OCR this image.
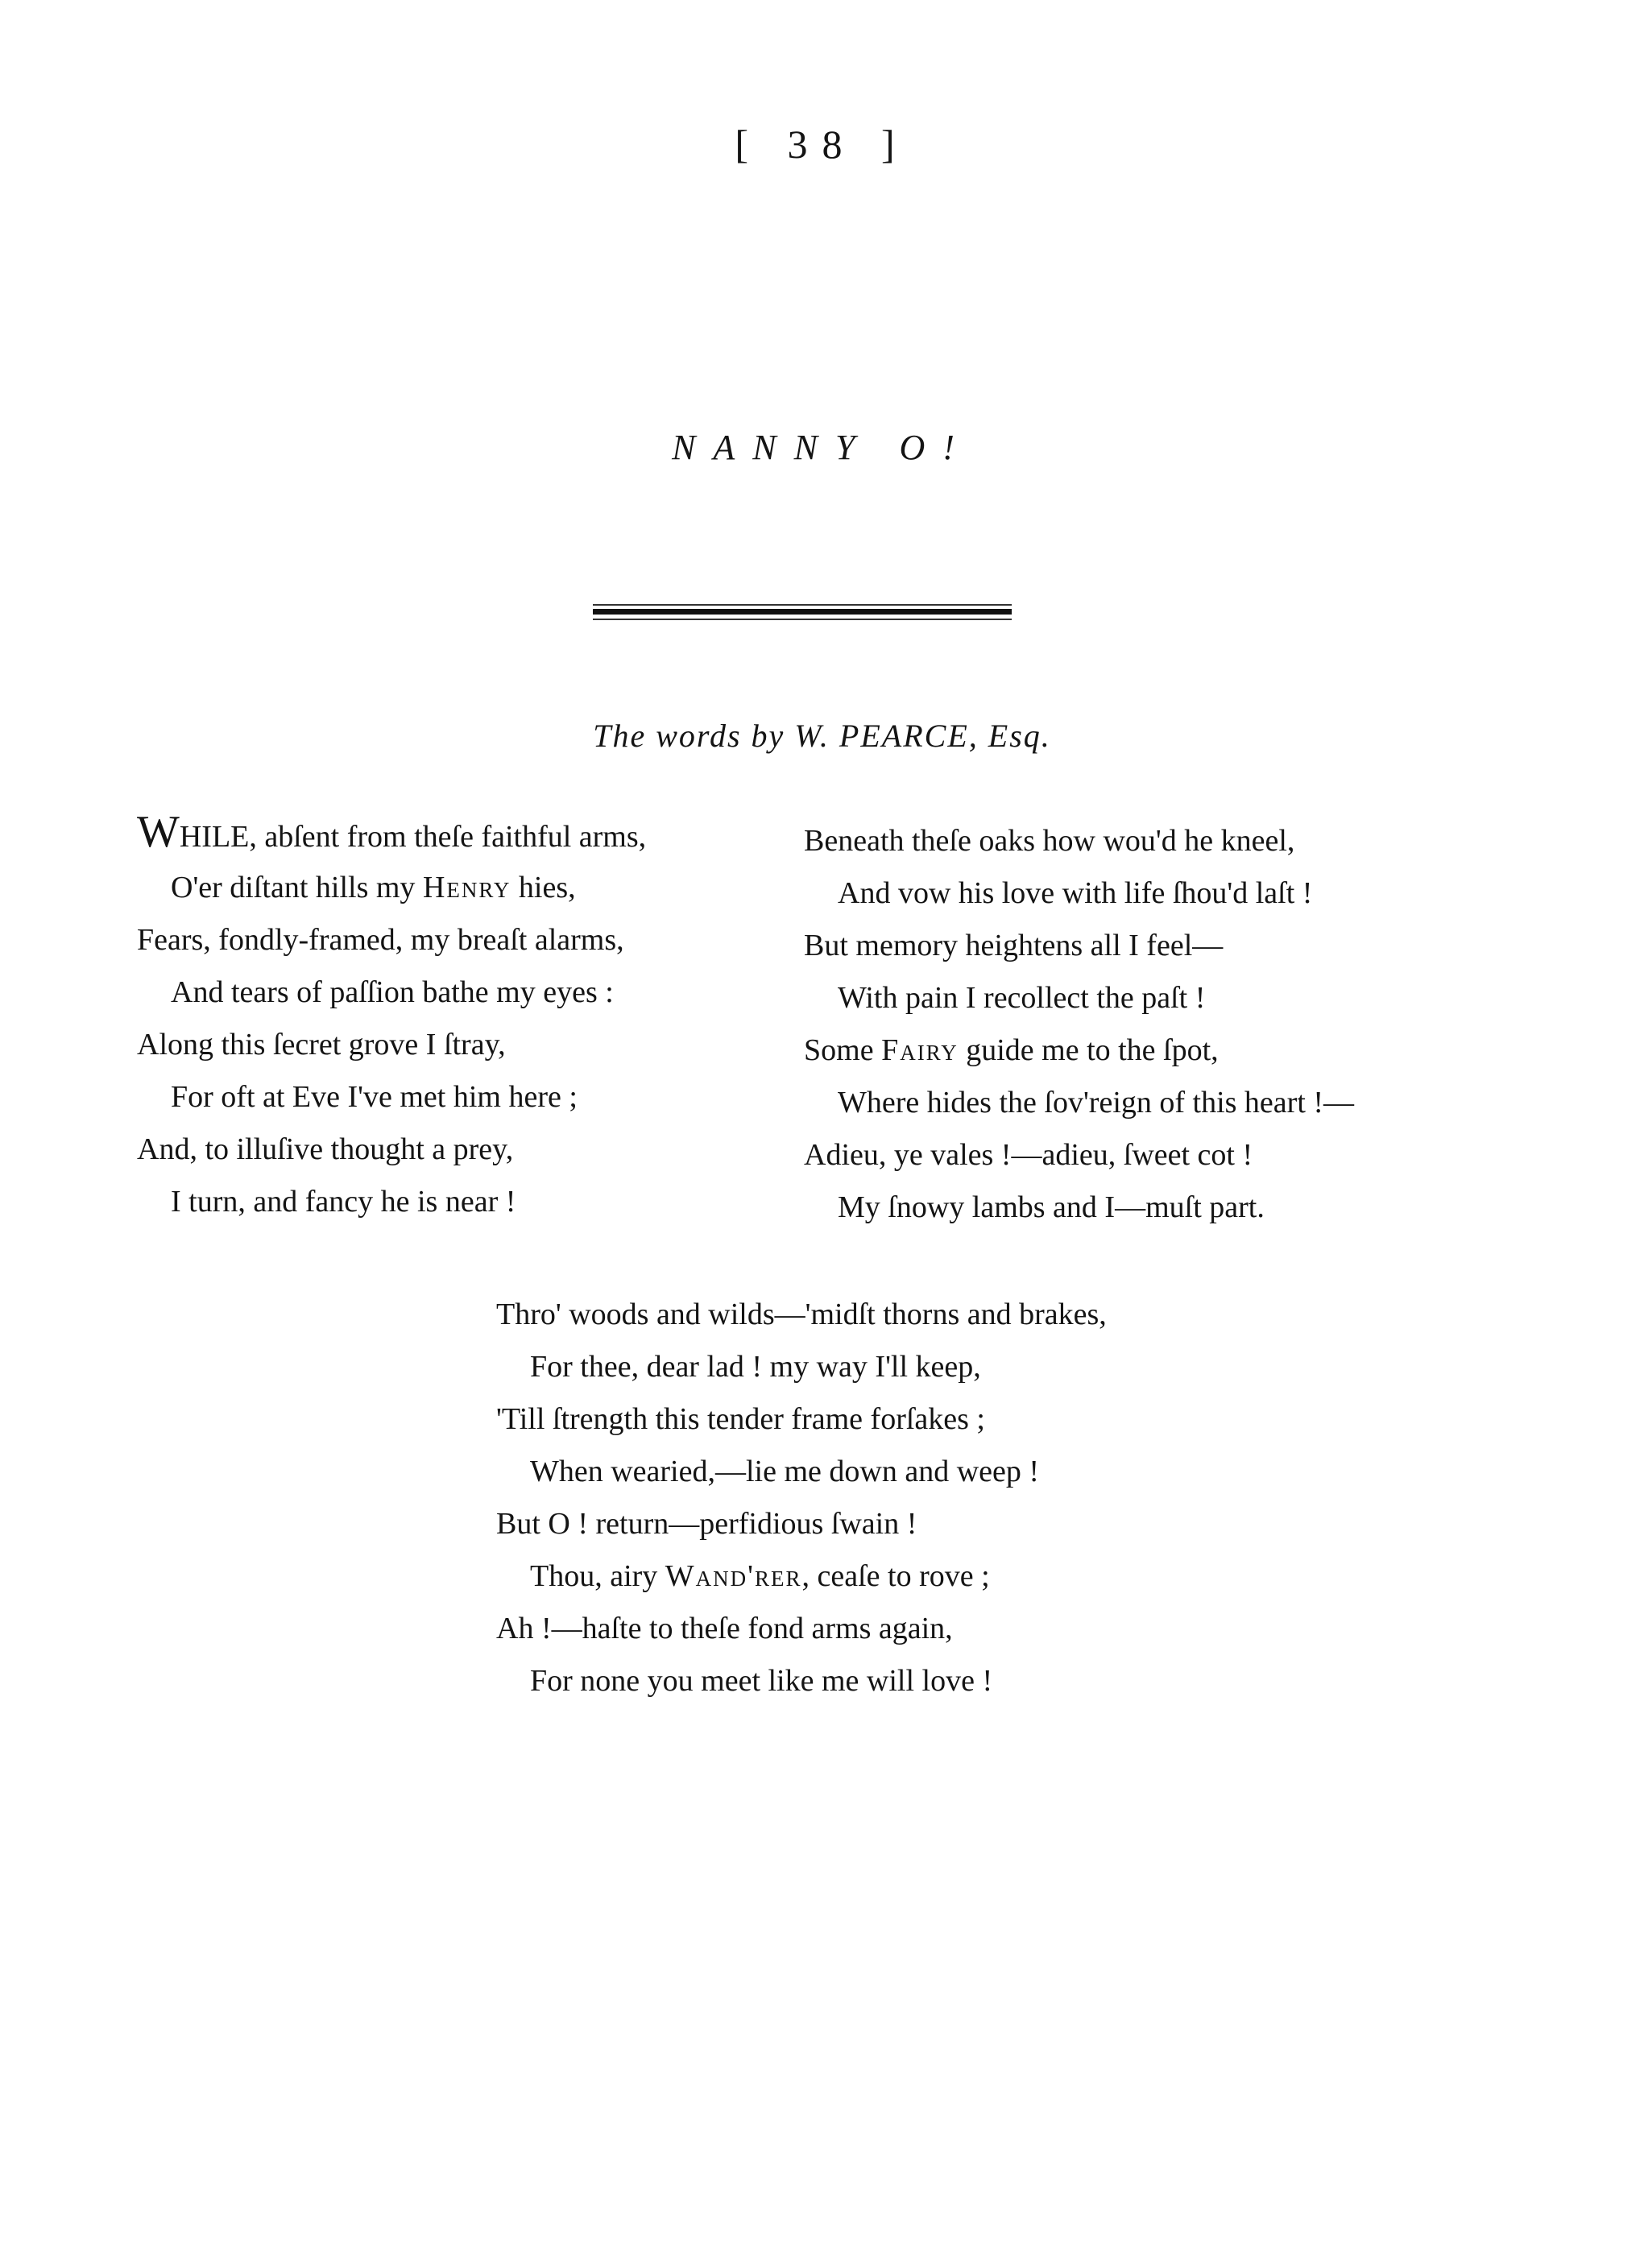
[ 38 ]
NANNY O!
The words by W. PEARCE, Esq.
WHILE, abſent from theſe faithful arms,
O'er diſtant hills my Henry hies,
Fears, fondly-framed, my breaſt alarms,
And tears of paſſion bathe my eyes :
Along this ſecret grove I ſtray,
For oft at Eve I've met him here ;
And, to illuſive thought a prey,
I turn, and fancy he is near !
Beneath theſe oaks how wou'd he kneel,
And vow his love with life ſhou'd laſt !
But memory heightens all I feel—
With pain I recollect the paſt !
Some Fairy guide me to the ſpot,
Where hides the ſov'reign of this heart !—
Adieu, ye vales !—adieu, ſweet cot !
My ſnowy lambs and I—muſt part.
Thro' woods and wilds—'midſt thorns and brakes,
For thee, dear lad ! my way I'll keep,
'Till ſtrength this tender frame forſakes ;
When wearied,—lie me down and weep !
But O ! return—perfidious ſwain !
Thou, airy Wand'rer, ceaſe to rove ;
Ah !—haſte to theſe fond arms again,
For none you meet like me will love !
